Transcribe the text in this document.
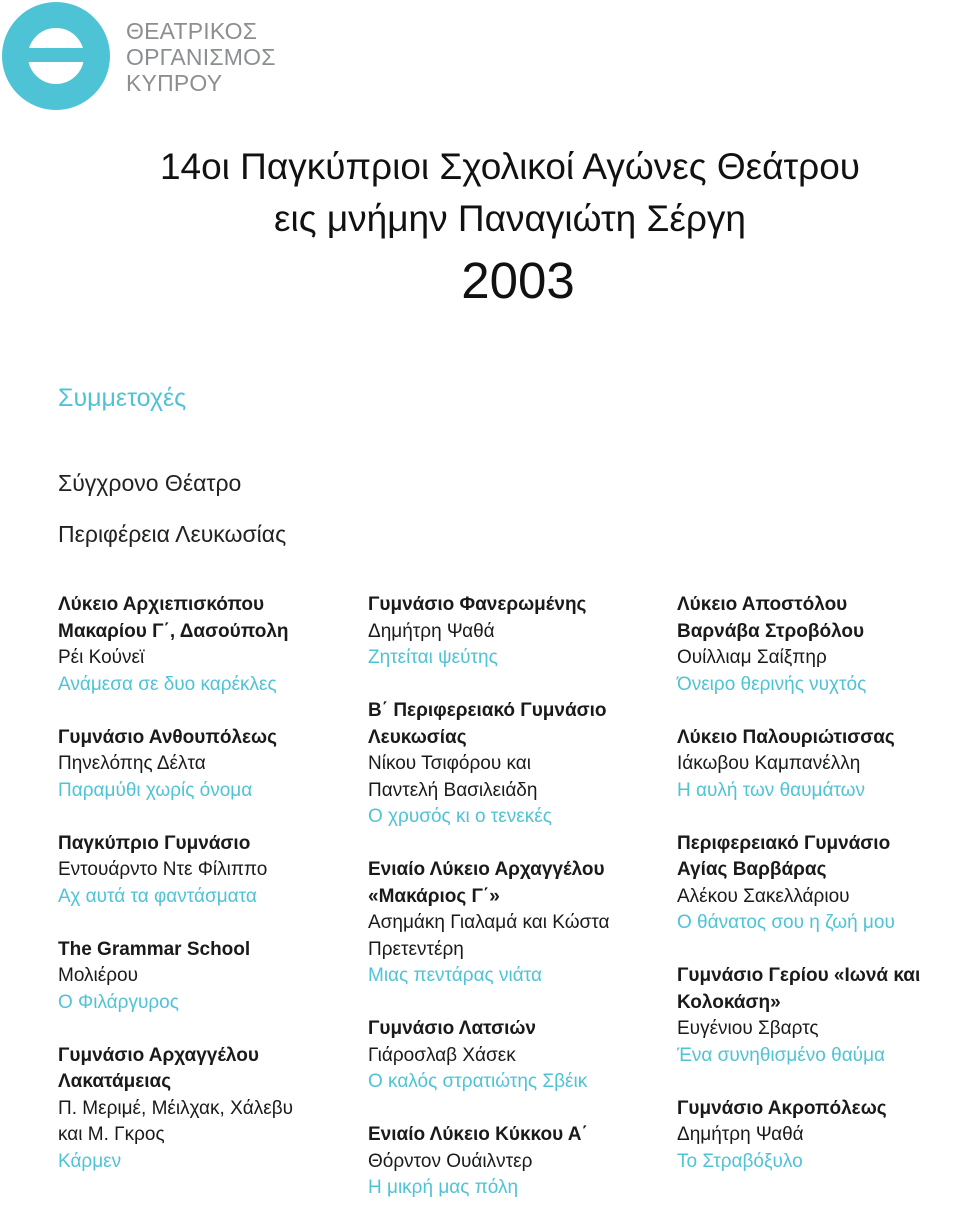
ΘΕΑΤΡΙΚΟΣ
ΟΡΓΑΝΙΣΜΟΣ
ΚΥΠΡΟΥ
14οι Παγκύπριοι Σχολικοί Αγώνες Θεάτρου
εις μνήμην Παναγιώτη Σέργη
2003
Συμμετοχές
Σύγχρονο Θέατρο
Περιφέρεια Λευκωσίας
Λύκειο Αρχιεπισκόπου
Μακαρίου Γ΄, Δασούπολη
Ρέι Κούνεϊ
Ανάμεσα σε δυο καρέκλες
Γυμνάσιο Ανθουπόλεως
Πηνελόπης Δέλτα
Παραμύθι χωρίς όνομα
Παγκύπριο Γυμνάσιο
Εντουάρντο Ντε Φίλιππο
Αχ αυτά τα φαντάσματα
The Grammar School
Μολιέρου
Ο Φιλάργυρος
Γυμνάσιο Αρχαγγέλου
Λακατάμειας
Π. Μεριμέ, Μέιλχακ, Χάλεβυ
και Μ. Γκρος
Κάρμεν
Γυμνάσιο Φανερωμένης
Δημήτρη Ψαθά
Ζητείται ψεύτης
Β΄ Περιφερειακό Γυμνάσιο
Λευκωσίας
Νίκου Τσιφόρου και
Παντελή Βασιλειάδη
Ο χρυσός κι ο τενεκές
Ενιαίο Λύκειο Αρχαγγέλου
«Μακάριος Γ΄»
Ασημάκη Γιαλαμά και Κώστα
Πρετεντέρη
Μιας πεντάρας νιάτα
Γυμνάσιο Λατσιών
Γιάροσλαβ Χάσεκ
Ο καλός στρατιώτης Σβέικ
Ενιαίο Λύκειο Κύκκου Α΄
Θόρντον Ουάιλντερ
Η μικρή μας πόλη
Λύκειο Αποστόλου
Βαρνάβα Στροβόλου
Ουίλλιαμ Σαίξπηρ
Όνειρο θερινής νυχτός
Λύκειο Παλουριώτισσας
Ιάκωβου Καμπανέλλη
Η αυλή των θαυμάτων
Περιφερειακό Γυμνάσιο
Αγίας Βαρβάρας
Αλέκου Σακελλάριου
Ο θάνατος σου η ζωή μου
Γυμνάσιο Γερίου «Ιωνά και
Κολοκάση»
Ευγένιου Σβαρτς
Ένα συνηθισμένο θαύμα
Γυμνάσιο Ακροπόλεως
Δημήτρη Ψαθά
Το Στραβόξυλο
